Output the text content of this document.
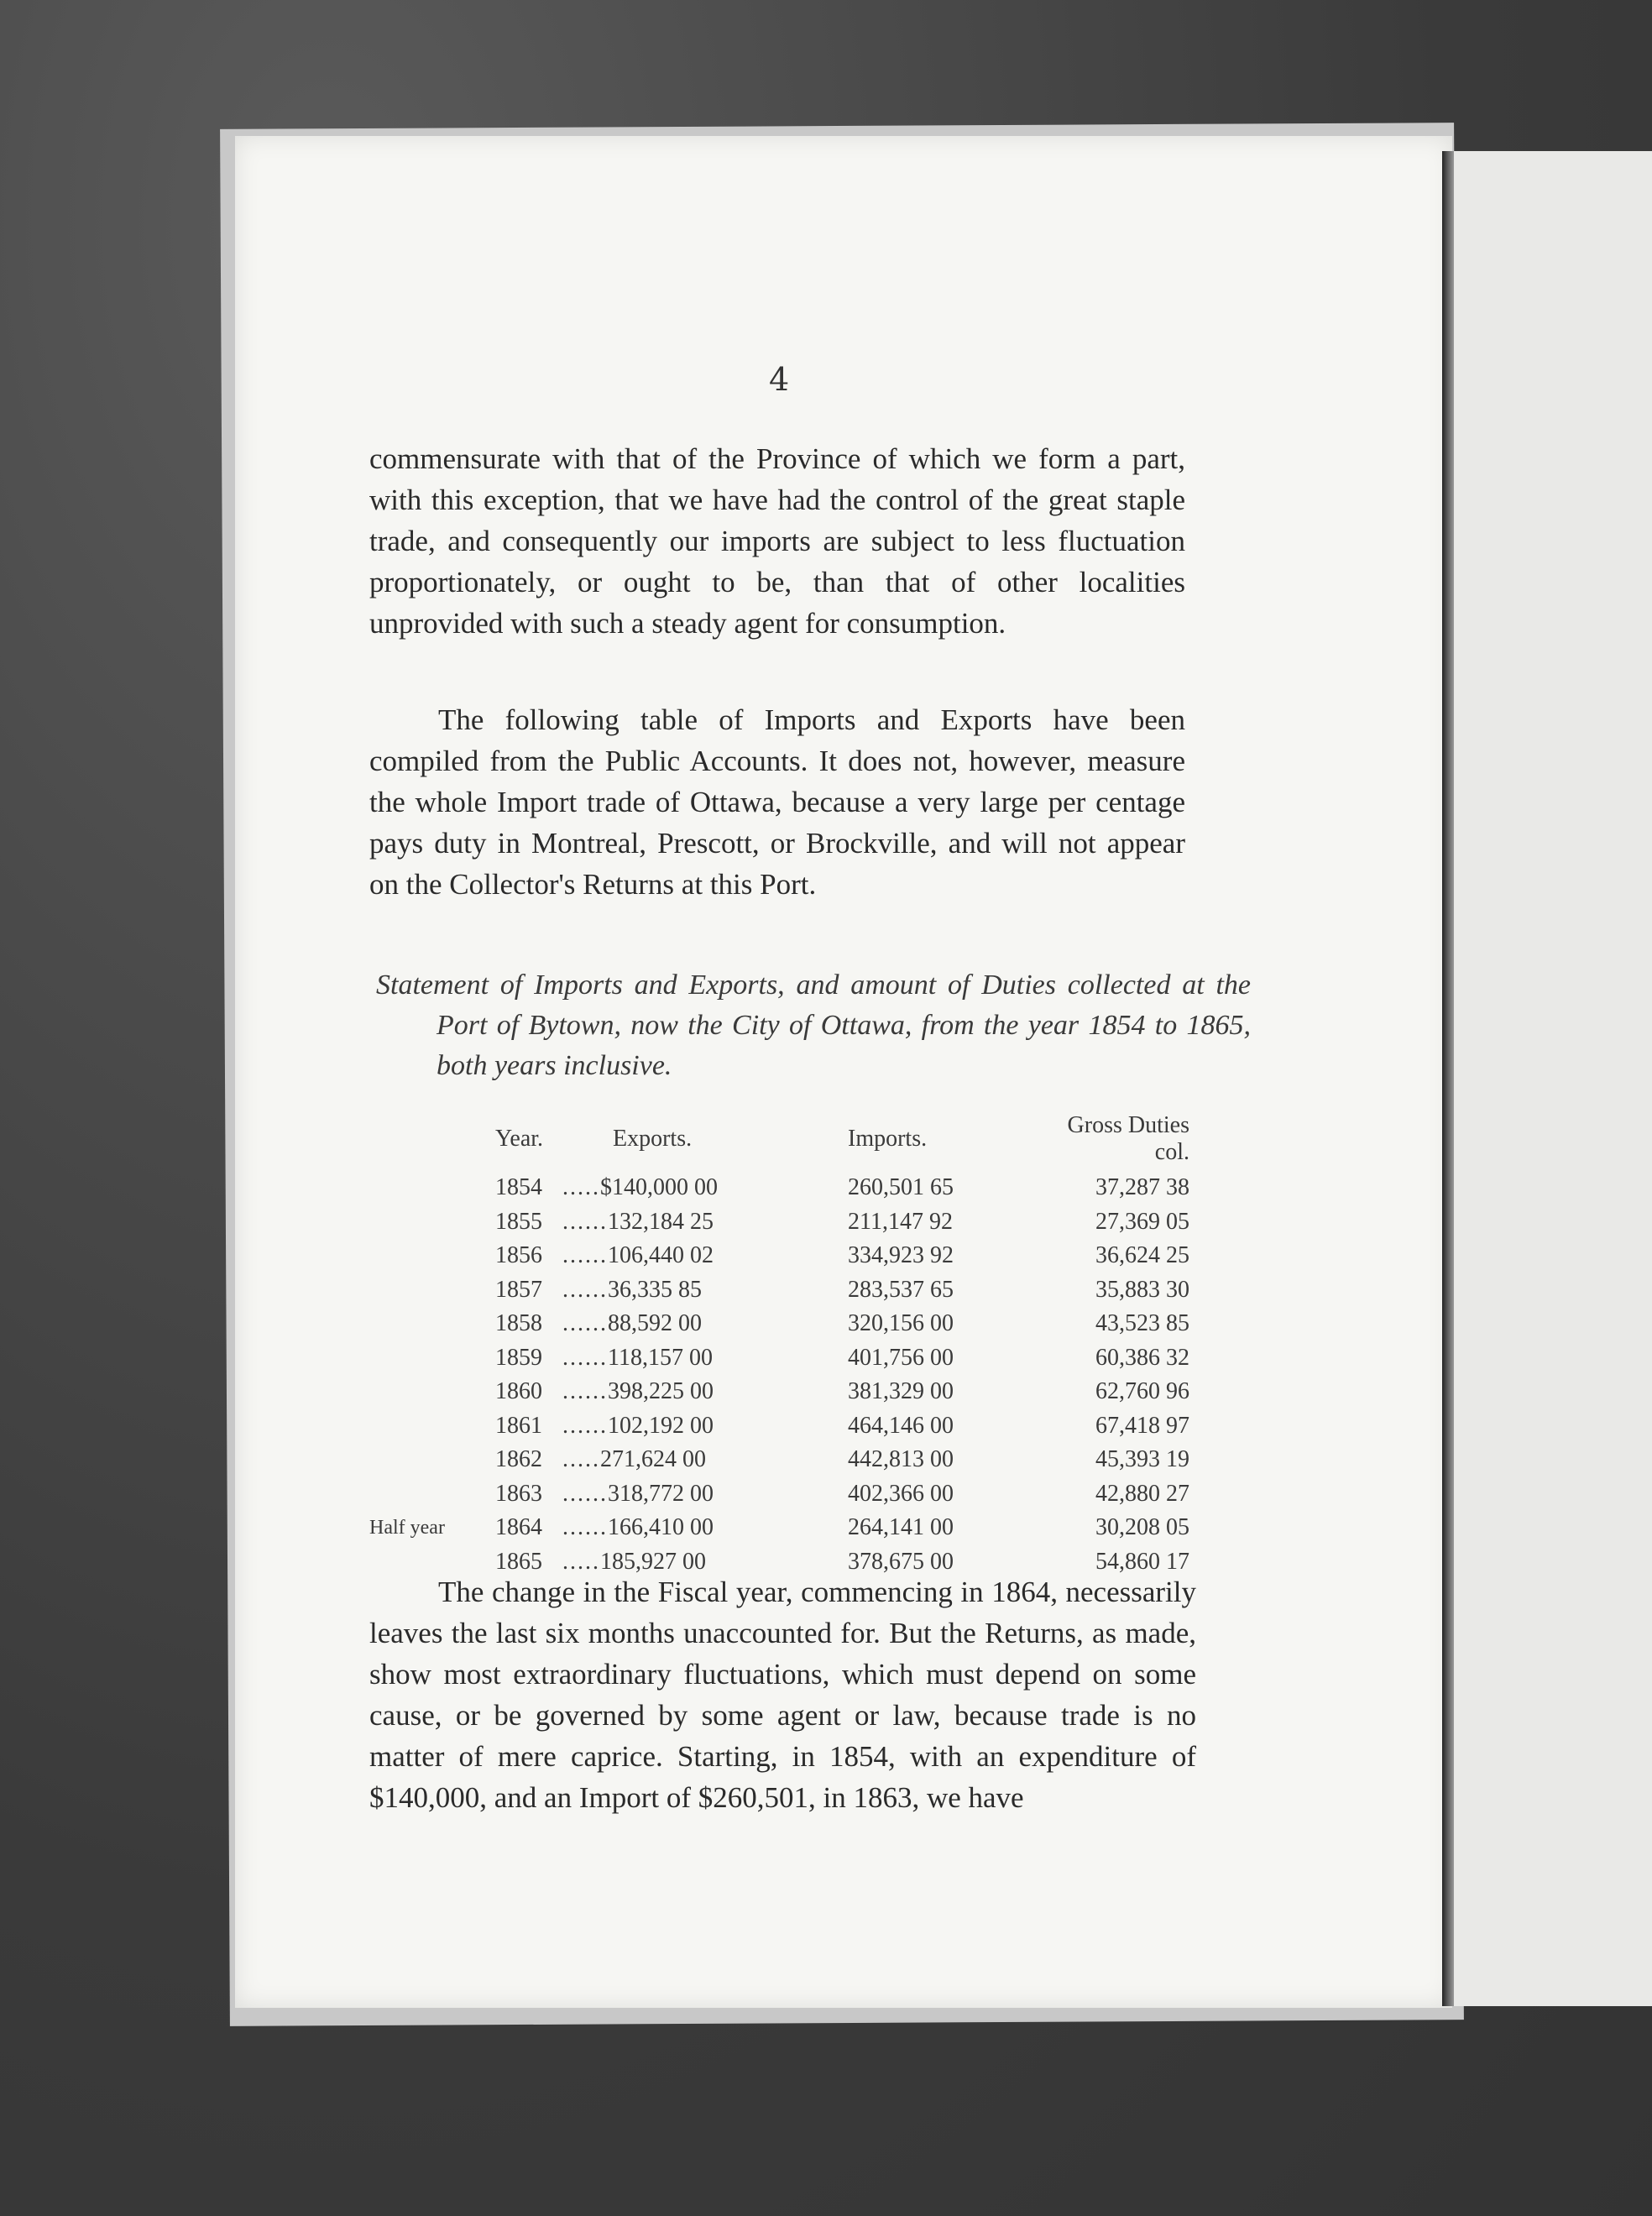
4

commensurate with that of the Province of which we form a part, with this exception, that we have had the control of the great staple trade, and consequently our imports are subject to less fluctuation proportionately, or ought to be, than that of other localities unprovided with such a steady agent for consumption.

The following table of Imports and Exports have been compiled from the Public Accounts. It does not, however, measure the whole Import trade of Ottawa, because a very large per centage pays duty in Montreal, Prescott, or Brockville, and will not appear on the Collector's Returns at this Port.

Statement of Imports and Exports, and amount of Duties collected at the Port of Bytown, now the City of Ottawa, from the year 1854 to 1865, both years inclusive.
	Year.	Exports.	Imports.	Gross Duties col.
	1854	.....$140,000 00	260,501 65	37,287 38
	1855	......132,184 25	211,147 92	27,369 05
	1856	......106,440 02	334,923 92	36,624 25
	1857	......36,335 85	283,537 65	35,883 30
	1858	......88,592 00	320,156 00	43,523 85
	1859	......118,157 00	401,756 00	60,386 32
	1860	......398,225 00	381,329 00	62,760 96
	1861	......102,192 00	464,146 00	67,418 97
	1862	.....271,624 00	442,813 00	45,393 19
	1863	......318,772 00	402,366 00	42,880 27
Half year	1864	......166,410 00	264,141 00	30,208 05
	1865	.....185,927 00	378,675 00	54,860 17

The change in the Fiscal year, commencing in 1864, necessarily leaves the last six months unaccounted for. But the Returns, as made, show most extraordinary fluctuations, which must depend on some cause, or be governed by some agent or law, because trade is no matter of mere caprice. Starting, in 1854, with an expenditure of $140,000, and an Import of $260,501, in 1863, we have
